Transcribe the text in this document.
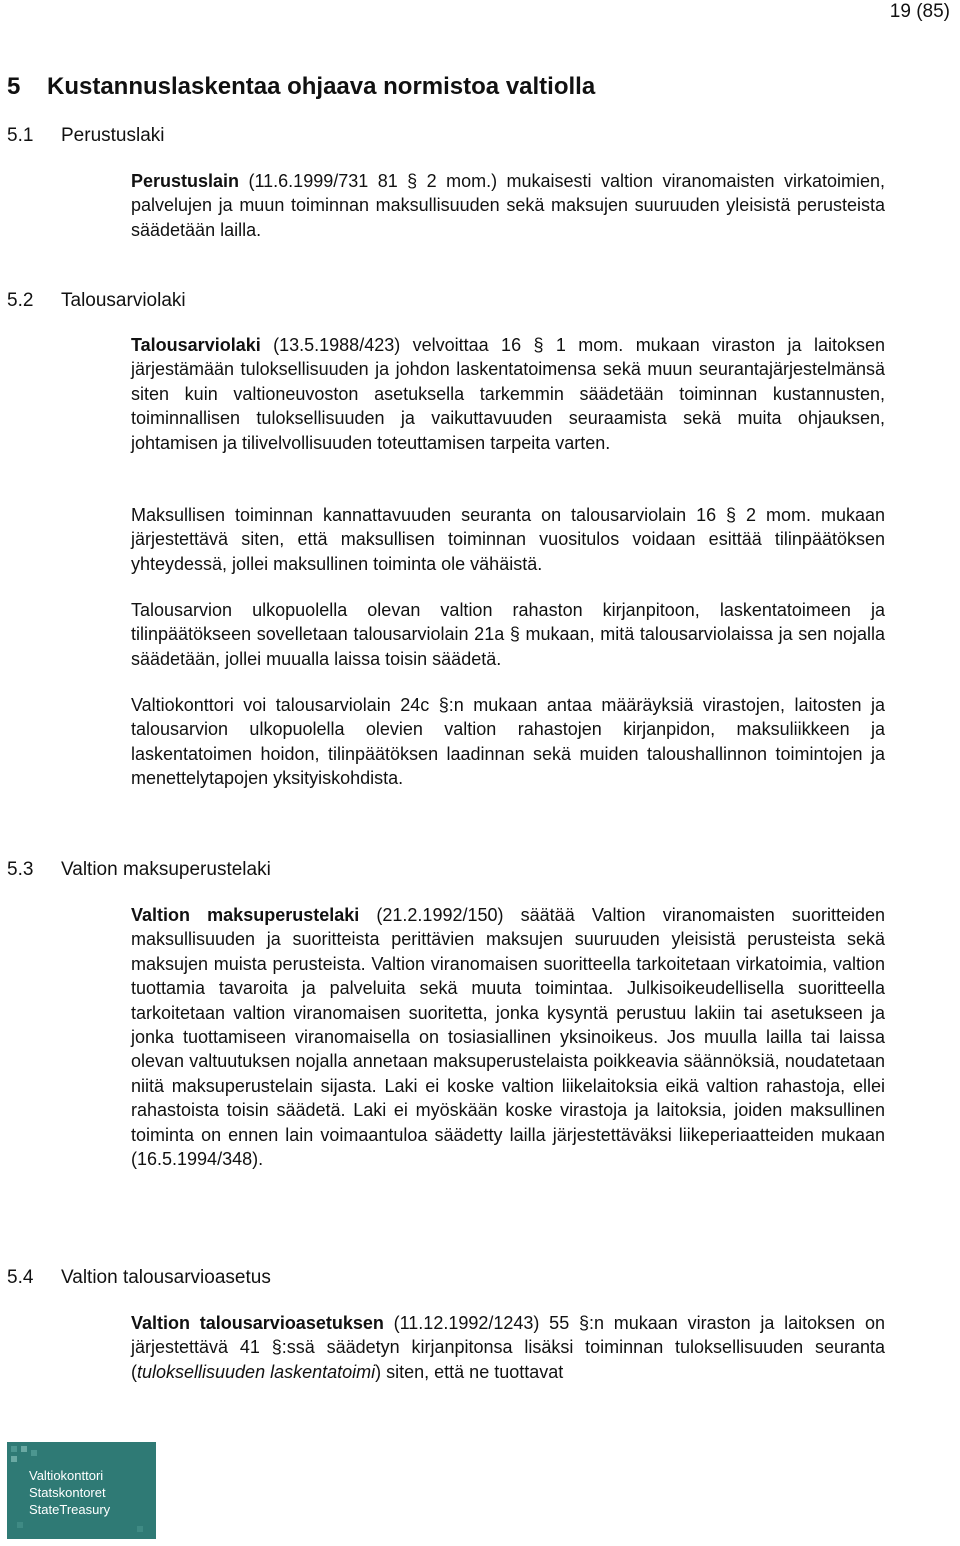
19 (85)
5 Kustannuslaskentaa ohjaava normistoa valtiolla
5.1 Perustuslaki

Perustuslain (11.6.1999/731 81 § 2 mom.) mukaisesti valtion viranomaisten virkatoimien, palvelujen ja muun toiminnan maksullisuuden sekä maksujen suuruuden yleisistä perusteista säädetään lailla.

5.2 Talousarviolaki

Talousarviolaki (13.5.1988/423) velvoittaa 16 § 1 mom. mukaan viraston ja laitoksen järjestämään tuloksellisuuden ja johdon laskentatoimensa sekä muun seurantajärjestelmänsä siten kuin valtioneuvoston asetuksella tarkemmin säädetään toiminnan kustannusten, toiminnallisen tuloksellisuuden ja vaikuttavuuden seuraamista sekä muita ohjauksen, johtamisen ja tilivelvollisuuden toteuttamisen tarpeita varten.

Maksullisen toiminnan kannattavuuden seuranta on talousarviolain 16 § 2 mom. mukaan järjestettävä siten, että maksullisen toiminnan vuositulos voidaan esittää tilinpäätöksen yhteydessä, jollei maksullinen toiminta ole vähäistä.

Talousarvion ulkopuolella olevan valtion rahaston kirjanpitoon, laskentatoimeen ja tilinpäätökseen sovelletaan talousarviolain 21a § mukaan, mitä talousarviolaissa ja sen nojalla säädetään, jollei muualla laissa toisin säädetä.

Valtiokonttori voi talousarviolain 24c §:n mukaan antaa määräyksiä virastojen, laitosten ja talousarvion ulkopuolella olevien valtion rahastojen kirjanpidon, maksuliikkeen ja laskentatoimen hoidon, tilinpäätöksen laadinnan sekä muiden taloushallinnon toimintojen ja menettelytapojen yksityiskohdista.

5.3 Valtion maksuperustelaki

Valtion maksuperustelaki (21.2.1992/150) säätää Valtion viranomaisten suoritteiden maksullisuuden ja suoritteista perittävien maksujen suuruuden yleisistä perusteista sekä maksujen muista perusteista. Valtion viranomaisen suoritteella tarkoitetaan virkatoimia, valtion tuottamia tavaroita ja palveluita sekä muuta toimintaa. Julkisoikeudellisella suoritteella tarkoitetaan valtion viranomaisen suoritetta, jonka kysyntä perustuu lakiin tai asetukseen ja jonka tuottamiseen viranomaisella on tosiasiallinen yksinoikeus. Jos muulla lailla tai laissa olevan valtuutuksen nojalla annetaan maksuperustelaista poikkeavia säännöksiä, noudatetaan niitä maksuperustelain sijasta. Laki ei koske valtion liikelaitoksia eikä valtion rahastoja, ellei rahastoista toisin säädetä. Laki ei myöskään koske virastoja ja laitoksia, joiden maksullinen toiminta on ennen lain voimaantuloa säädetty lailla järjestettäväksi liikeperiaatteiden mukaan (16.5.1994/348).

5.4 Valtion talousarvioasetus

Valtion talousarvioasetuksen (11.12.1992/1243) 55 §:n mukaan viraston ja laitoksen on järjestettävä 41 §:ssä säädetyn kirjanpitonsa lisäksi toiminnan tuloksellisuuden seuranta (tuloksellisuuden laskentatoimi) siten, että ne tuottavat

Valtiokonttori
Statskontoret
StateTreasury
